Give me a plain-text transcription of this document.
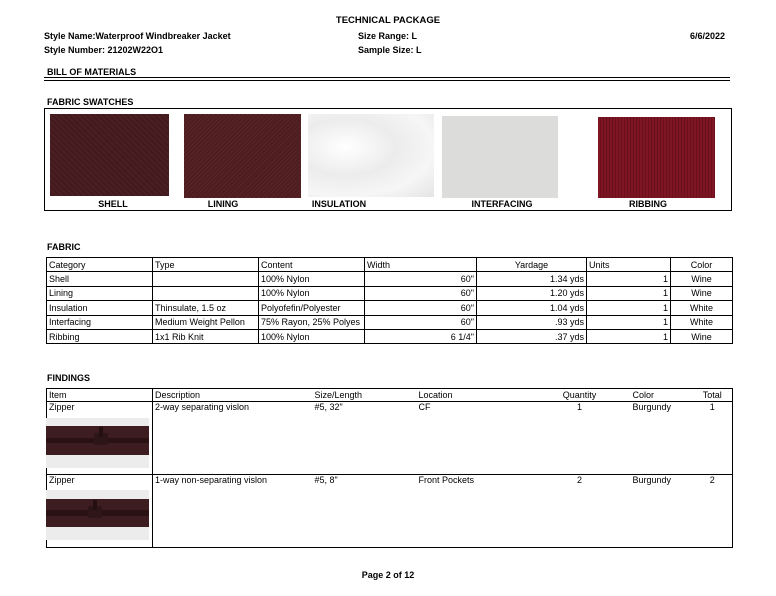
TECHNICAL PACKAGE
Style Name:Waterproof Windbreaker Jacket
Style Number: 21202W22O1
Size Range: L
Sample Size: L
6/6/2022
BILL OF MATERIALS
FABRIC SWATCHES
SHELL	LINING	INSULATION	INTERFACING	RIBBING
FABRIC
Category	Type	Content	Width	Yardage	Units	Color
Shell		100% Nylon	60"	1.34 yds	1	Wine
Lining		100% Nylon	60"	1.20 yds	1	Wine
Insulation	Thinsulate, 1.5 oz	Polyofefin/Polyester	60"	1.04 yds	1	White
Interfacing	Medium Weight Pellon	75% Rayon, 25% Polyes	60"	.93 yds	1	White
Ribbing	1x1 Rib Knit	100% Nylon	6 1/4"	.37 yds	1	Wine
FINDINGS
Item	Description	Size/Length	Location	Quantity	Color	Total
Zipper	2-way separating vislon	#5, 32"	CF	1	Burgundy	1
Zipper	1-way non-separating vislon	#5, 8"	Front Pockets	2	Burgundy	2
Page 2 of 12
